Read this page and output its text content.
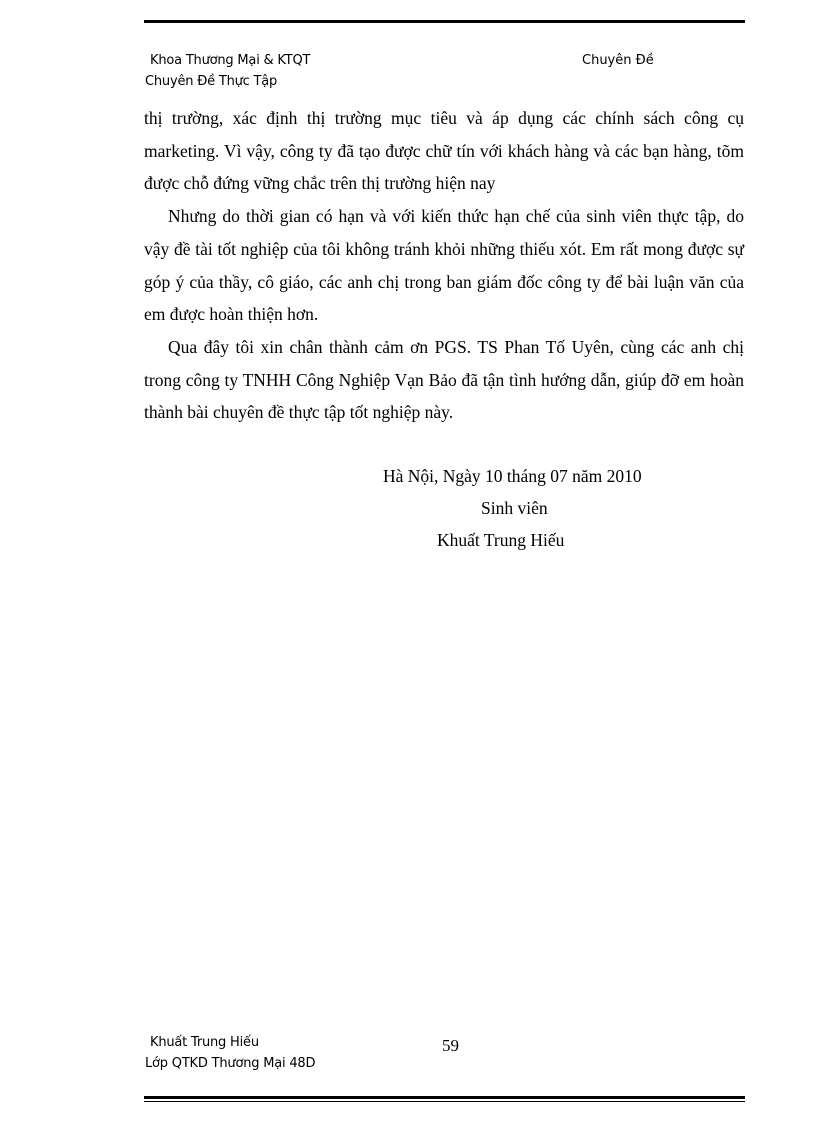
Khoa Thương Mại & KTQT	Chuyên Đề
Chuyên Đề Thực Tập

thị trường, xác định thị trường mục tiêu và áp dụng các chính sách công cụ marketing. Vì vậy, công ty đã tạo được chữ tín với khách hàng và các bạn hàng, tõm được chỗ đứng vững chắc trên thị trường hiện nay

Nhưng do thời gian có hạn và với kiến thức hạn chế của sinh viên thực tập, do vậy đề tài tốt nghiệp của tôi không tránh khỏi những thiếu xót. Em rất mong được sự góp ý của thầy, cô giáo, các anh chị trong ban giám đốc công ty để bài luận văn của em được hoàn thiện hơn.

Qua đây tôi xin chân thành cảm ơn PGS. TS Phan Tố Uyên, cùng các anh chị trong công ty TNHH Công Nghiệp Vạn Bảo đã tận tình hướng dẫn, giúp đỡ em hoàn thành bài chuyên đề thực tập tốt nghiệp này.

Hà Nội, Ngày 10 tháng 07 năm 2010
Sinh viên
Khuất Trung Hiếu
Khuất Trung Hiếu	59
Lớp QTKD Thương Mại 48D
